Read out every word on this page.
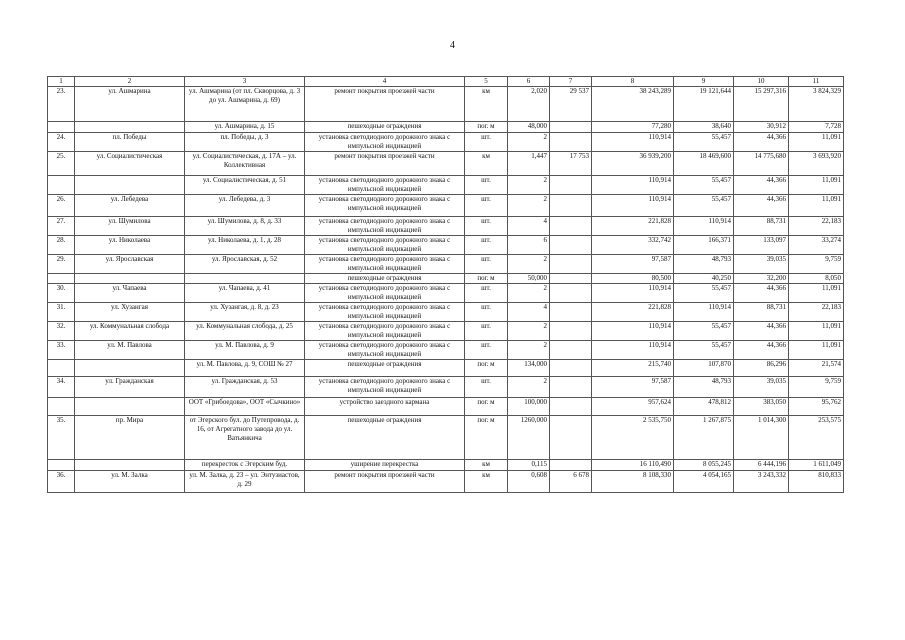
4
1	2	3	4	5	6	7	8	9	10	11
23.	ул. Ашмарина	ул. Ашмарина (от пл. Скворцова, д. 3 до ул. Ашмарина, д. 69)	ремонт покрытия проезжей части	км	2,020	29 537	38 243,289	19 121,644	15 297,316	3 824,329
		ул. Ашмарина, д. 15	пешеходные ограждения	пог. м	48,000		77,280	38,640	30,912	7,728
24.	пл. Победы	пл. Победы, д. 3	установка светодиодного дорожного знака с импульсной индикацией	шт.	2		110,914	55,457	44,366	11,091
25.	ул. Социалистическая	ул. Социалистическая, д. 17А – ул. Коллективная	ремонт покрытия проезжей части	км	1,447	17 753	36 939,200	18 469,600	14 775,680	3 693,920
		ул. Социалистическая, д. 51	установка светодиодного дорожного знака с импульсной индикацией	шт.	2		110,914	55,457	44,366	11,091
26.	ул. Лебедева	ул. Лебедева, д. 3	установка светодиодного дорожного знака с импульсной индикацией	шт.	2		110,914	55,457	44,366	11,091
27.	ул. Шумилова	ул. Шумилова, д. 8, д. 33	установка светодиодного дорожного знака с импульсной индикацией	шт.	4		221,828	110,914	88,731	22,183
28.	ул. Николаева	ул. Николаева, д. 1, д. 28	установка светодиодного дорожного знака с импульсной индикацией	шт.	6		332,742	166,371	133,097	33,274
29.	ул. Ярославская	ул. Ярославская, д. 52	установка светодиодного дорожного знака с импульсной индикацией	шт.	2		97,587	48,793	39,035	9,759
			пешеходные ограждения	пог. м	50,000		80,500	40,250	32,200	8,050
30.	ул. Чапаева	ул. Чапаева, д. 41	установка светодиодного дорожного знака с импульсной индикацией	шт.	2		110,914	55,457	44,366	11,091
31.	ул. Хузангая	ул. Хузангая, д. 8, д. 23	установка светодиодного дорожного знака с импульсной индикацией	шт.	4		221,828	110,914	88,731	22,183
32.	ул. Коммунальная слобода	ул. Коммунальная слобода, д. 25	установка светодиодного дорожного знака с импульсной индикацией	шт.	2		110,914	55,457	44,366	11,091
33.	ул. М. Павлова	ул. М. Павлова, д. 9	установка светодиодного дорожного знака с импульсной индикацией	шт.	2		110,914	55,457	44,366	11,091
		ул. М. Павлова, д. 9, СОШ № 27	пешеходные ограждения	пог. м	134,000		215,740	107,870	86,296	21,574
34.	ул. Гражданская	ул. Гражданская, д. 53	установка светодиодного дорожного знака с импульсной индикацией	шт.	2		97,587	48,793	39,035	9,759
		ООТ «Грибоедова», ООТ «Сычкино»	устройство заездного кармана	пог. м	100,000		957,624	478,812	383,050	95,762
35.	пр. Мира	от Эгерского бул. до Путепровода, д. 16, от Агрегатного завода до ул. Ватьянкича	пешеходные ограждения	пог. м	1260,000		2 535,750	1 267,875	1 014,300	253,575
		перекресток с Эгерским буд.	уширение перекрестка	км	0,115		16 110,490	8 055,245	6 444,196	1 611,049
36.	ул. М. Залка	ул. М. Залка, д. 23 – ул. Энтузиастов, д. 29	ремонт покрытия проезжей части	км	0,608	6 678	8 108,330	4 054,165	3 243,332	810,833
